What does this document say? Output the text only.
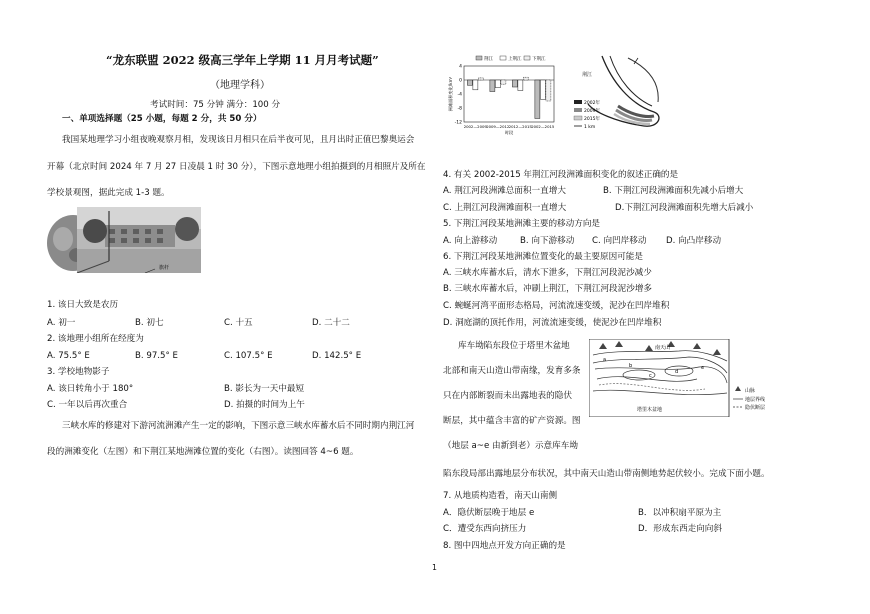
“龙东联盟 2022 级高三学年上学期 11 月月考试题”
（地理学科）
考试时间：75 分钟 满分：100 分
一、单项选择题（25 小题，每题 2 分，共 50 分）
我国某地理学习小组夜晚观察月相，发现该日月相只在后半夜可见，且月出时正值巴黎奥运会
开幕（北京时间 2024 年 7 月 27 日凌晨 1 时 30 分），下图示意地理小组拍摄到的月相照片及所在
学校景观图，据此完成 1-3 题。
旗杆
1. 该日大致是农历
A. 初一	B. 初七	C. 十五	D. 二十二
2. 该地理小组所在经度为
A. 75.5° E	B. 97.5° E	C. 107.5° E	D. 142.5° E
3. 学校地物影子
A. 该日转角小于 180°	B. 影长为一天中最短
C. 一年以后再次重合	D. 拍摄的时间为上午
三峡水库的修建对下游河流洲滩产生一定的影响，下图示意三峡水库蓄水后不同时期内荆江河
段的洲滩变化（左图）和下荆江某地洲滩位置的变化（右图）。读图回答 4~6 题。
4
0
-4
-8
-12
2002—2009 2009—2012 2012—2015 2002—2015
时段
洲滩面积变化/km²
荆江	上荆江 下荆江
荆江
2002年
2009年
2015年
1 km
4. 有关 2002-2015 年荆江河段洲滩面积变化的叙述正确的是
A. 荆江河段洲滩总面积一直增大	B. 下荆江河段洲滩面积先减小后增大
C. 上荆江河段洲滩面积一直增大	D.下荆江河段洲滩面积先增大后减小
5. 下荆江河段某地洲滩主要的移动方向是
A. 向上游移动	B. 向下游移动 C. 向凹岸移动 D. 向凸岸移动
6. 下荆江河段某地洲滩位置变化的最主要原因可能是
A. 三峡水库蓄水后，清水下泄多，下荆江河段泥沙减少
B. 三峡水库蓄水后，冲刷上荆江，下荆江河段泥沙增多
C. 蜿蜒河湾平面形态格局，河流流速变缓，泥沙在凹岸堆积
D. 洞庭湖的顶托作用，河流流速变缓，使泥沙在凹岸堆积
库车坳陷东段位于塔里木盆地
北部和南天山造山带南缘，发育多条
只在内部断裂而未出露地表的隐伏
断层，其中蕴含丰富的矿产资源。图
（地层 a~e 由新到老）示意库车坳
陷东段局部出露地层分布状况，其中南天山造山带南侧地势起伏较小。完成下面小题。
南天山
a
b
c
d
e
塔里木盆地
山脉
地层界线
隐伏断层
7. 从地质构造看，南天山南侧
A．隐伏断层晚于地层 e	B．以冲积扇平原为主
C．遭受东西向挤压力	D．形成东西走向向斜
8. 图中四地点开发方向正确的是
1
